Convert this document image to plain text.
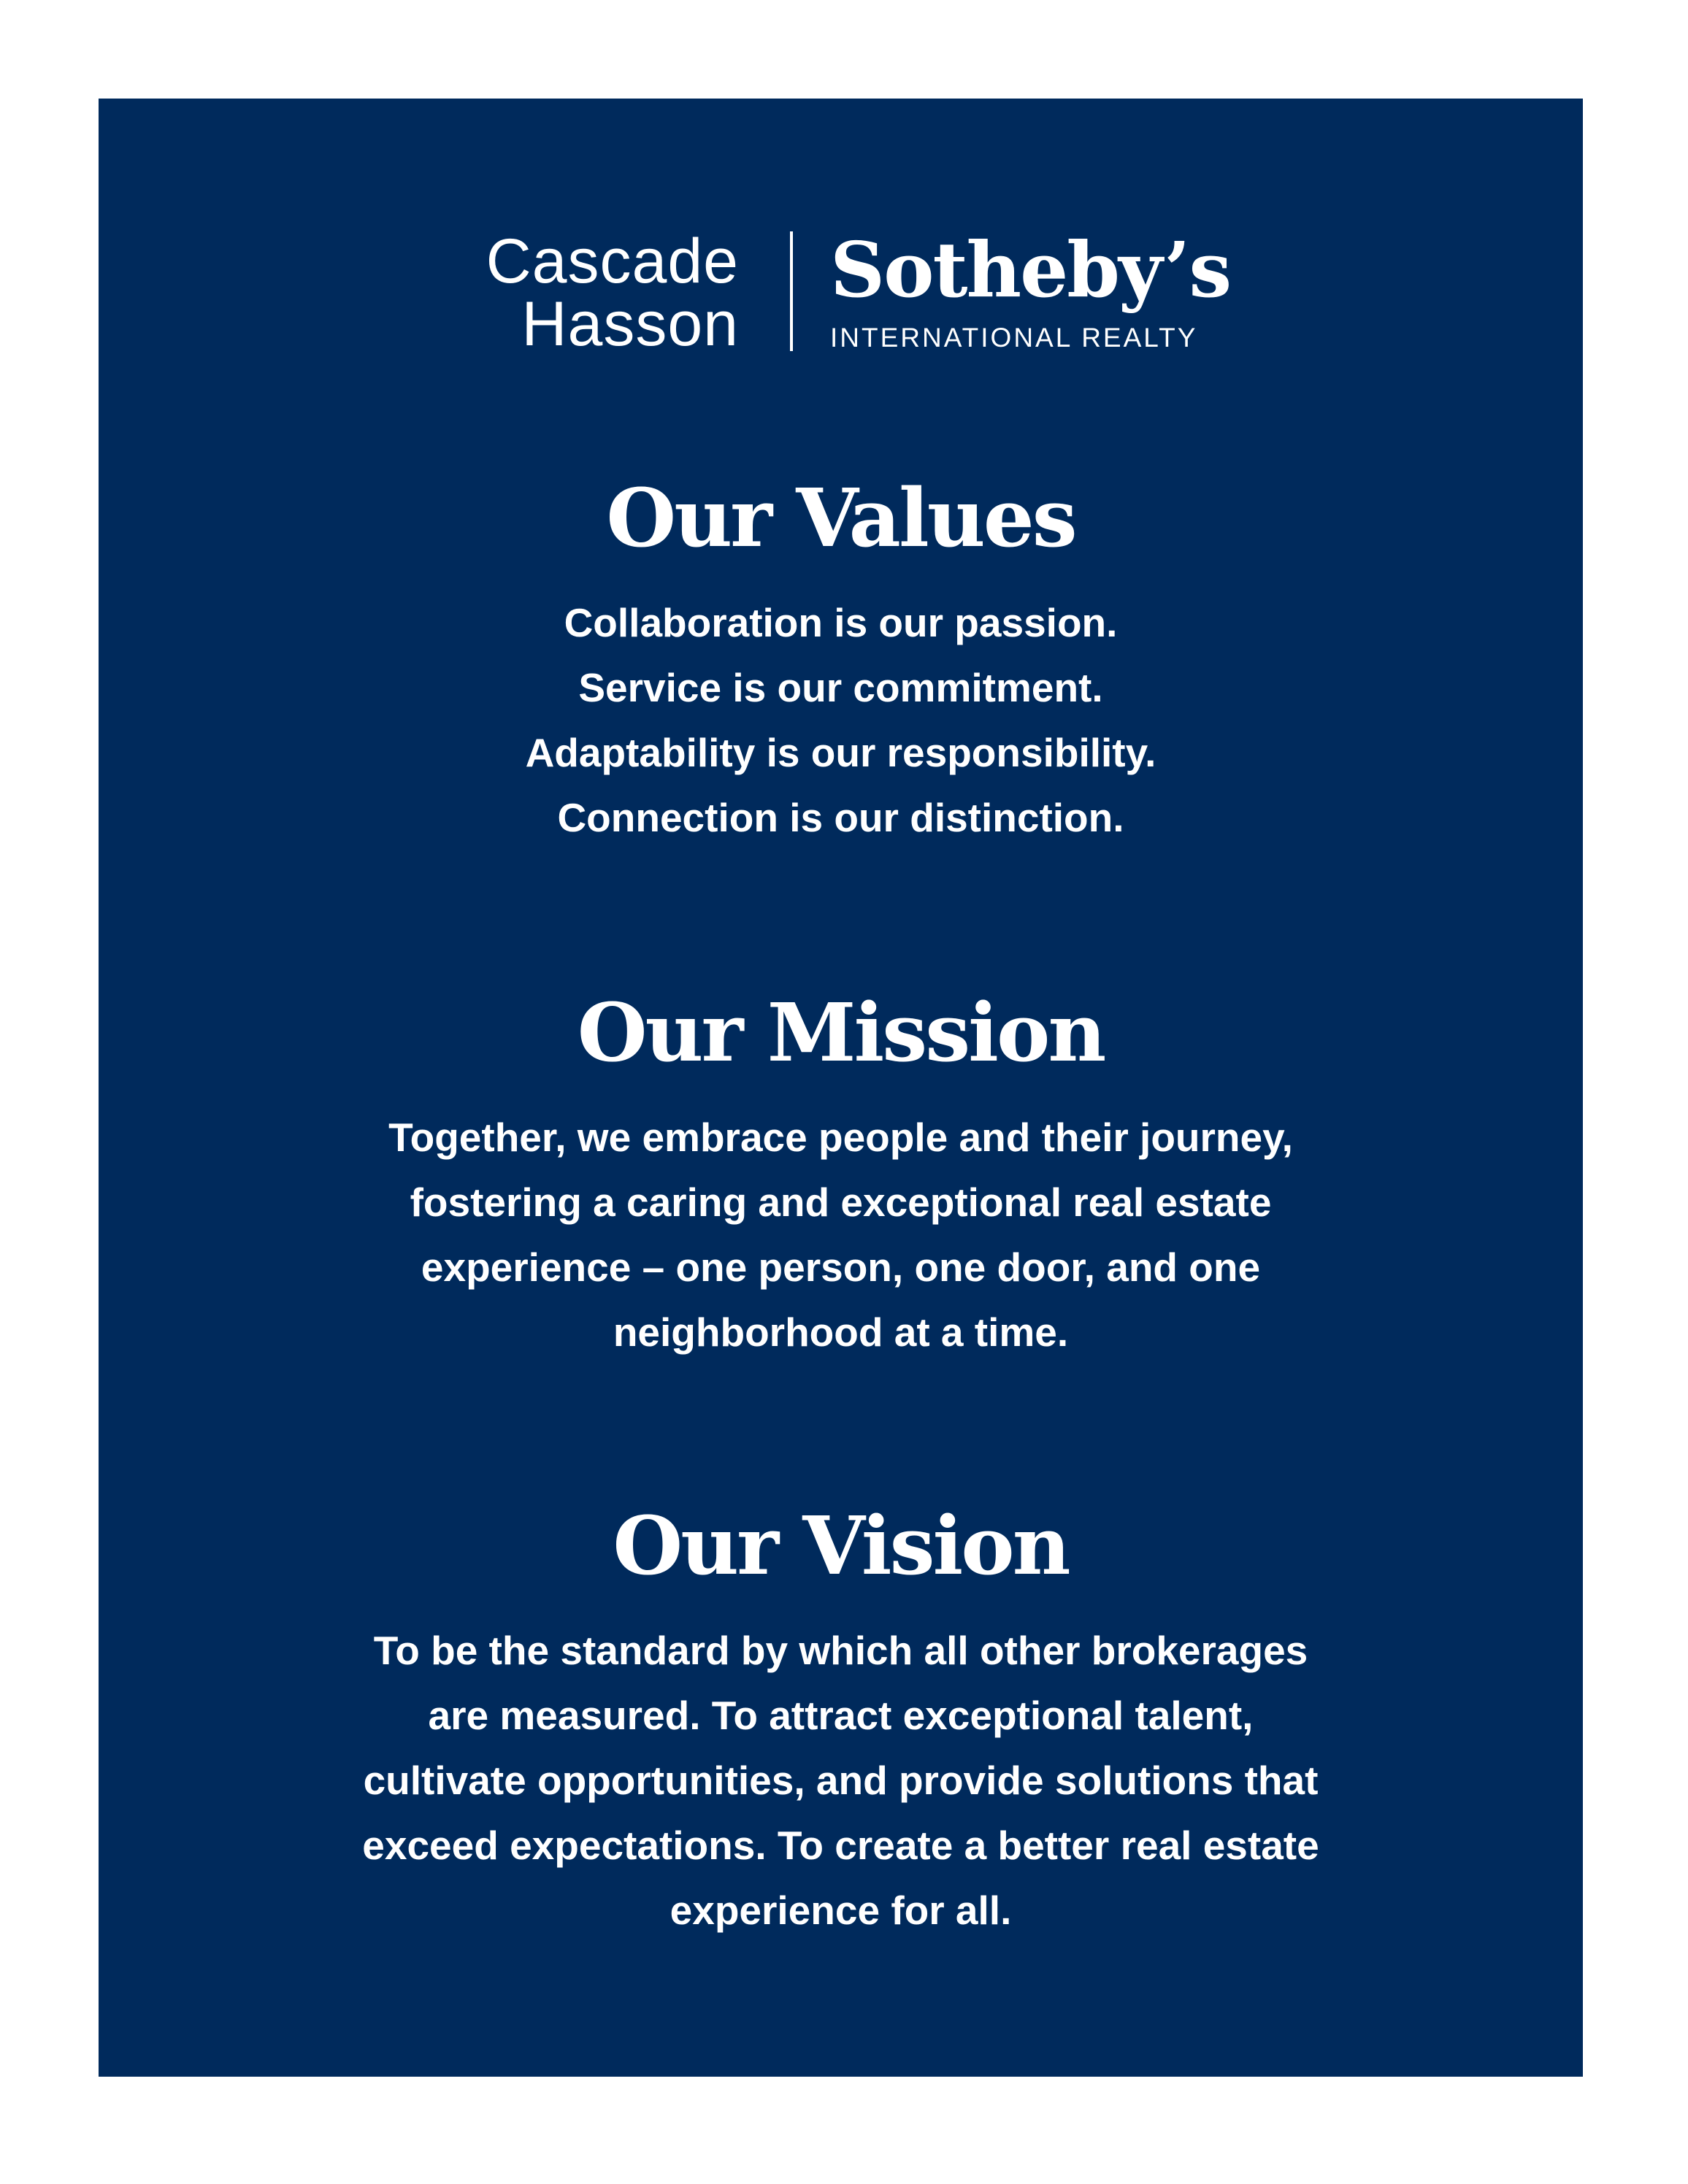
Cascade
Hasson
Sotheby’s
INTERNATIONAL REALTY
Our Values
Collaboration is our passion.
Service is our commitment.
Adaptability is our responsibility.
Connection is our distinction.
Our Mission
Together, we embrace people and their journey,
fostering a caring and exceptional real estate
experience – one person, one door, and one
neighborhood at a time.
Our Vision
To be the standard by which all other brokerages
are measured. To attract exceptional talent,
cultivate opportunities, and provide solutions that
exceed expectations. To create a better real estate
experience for all.
